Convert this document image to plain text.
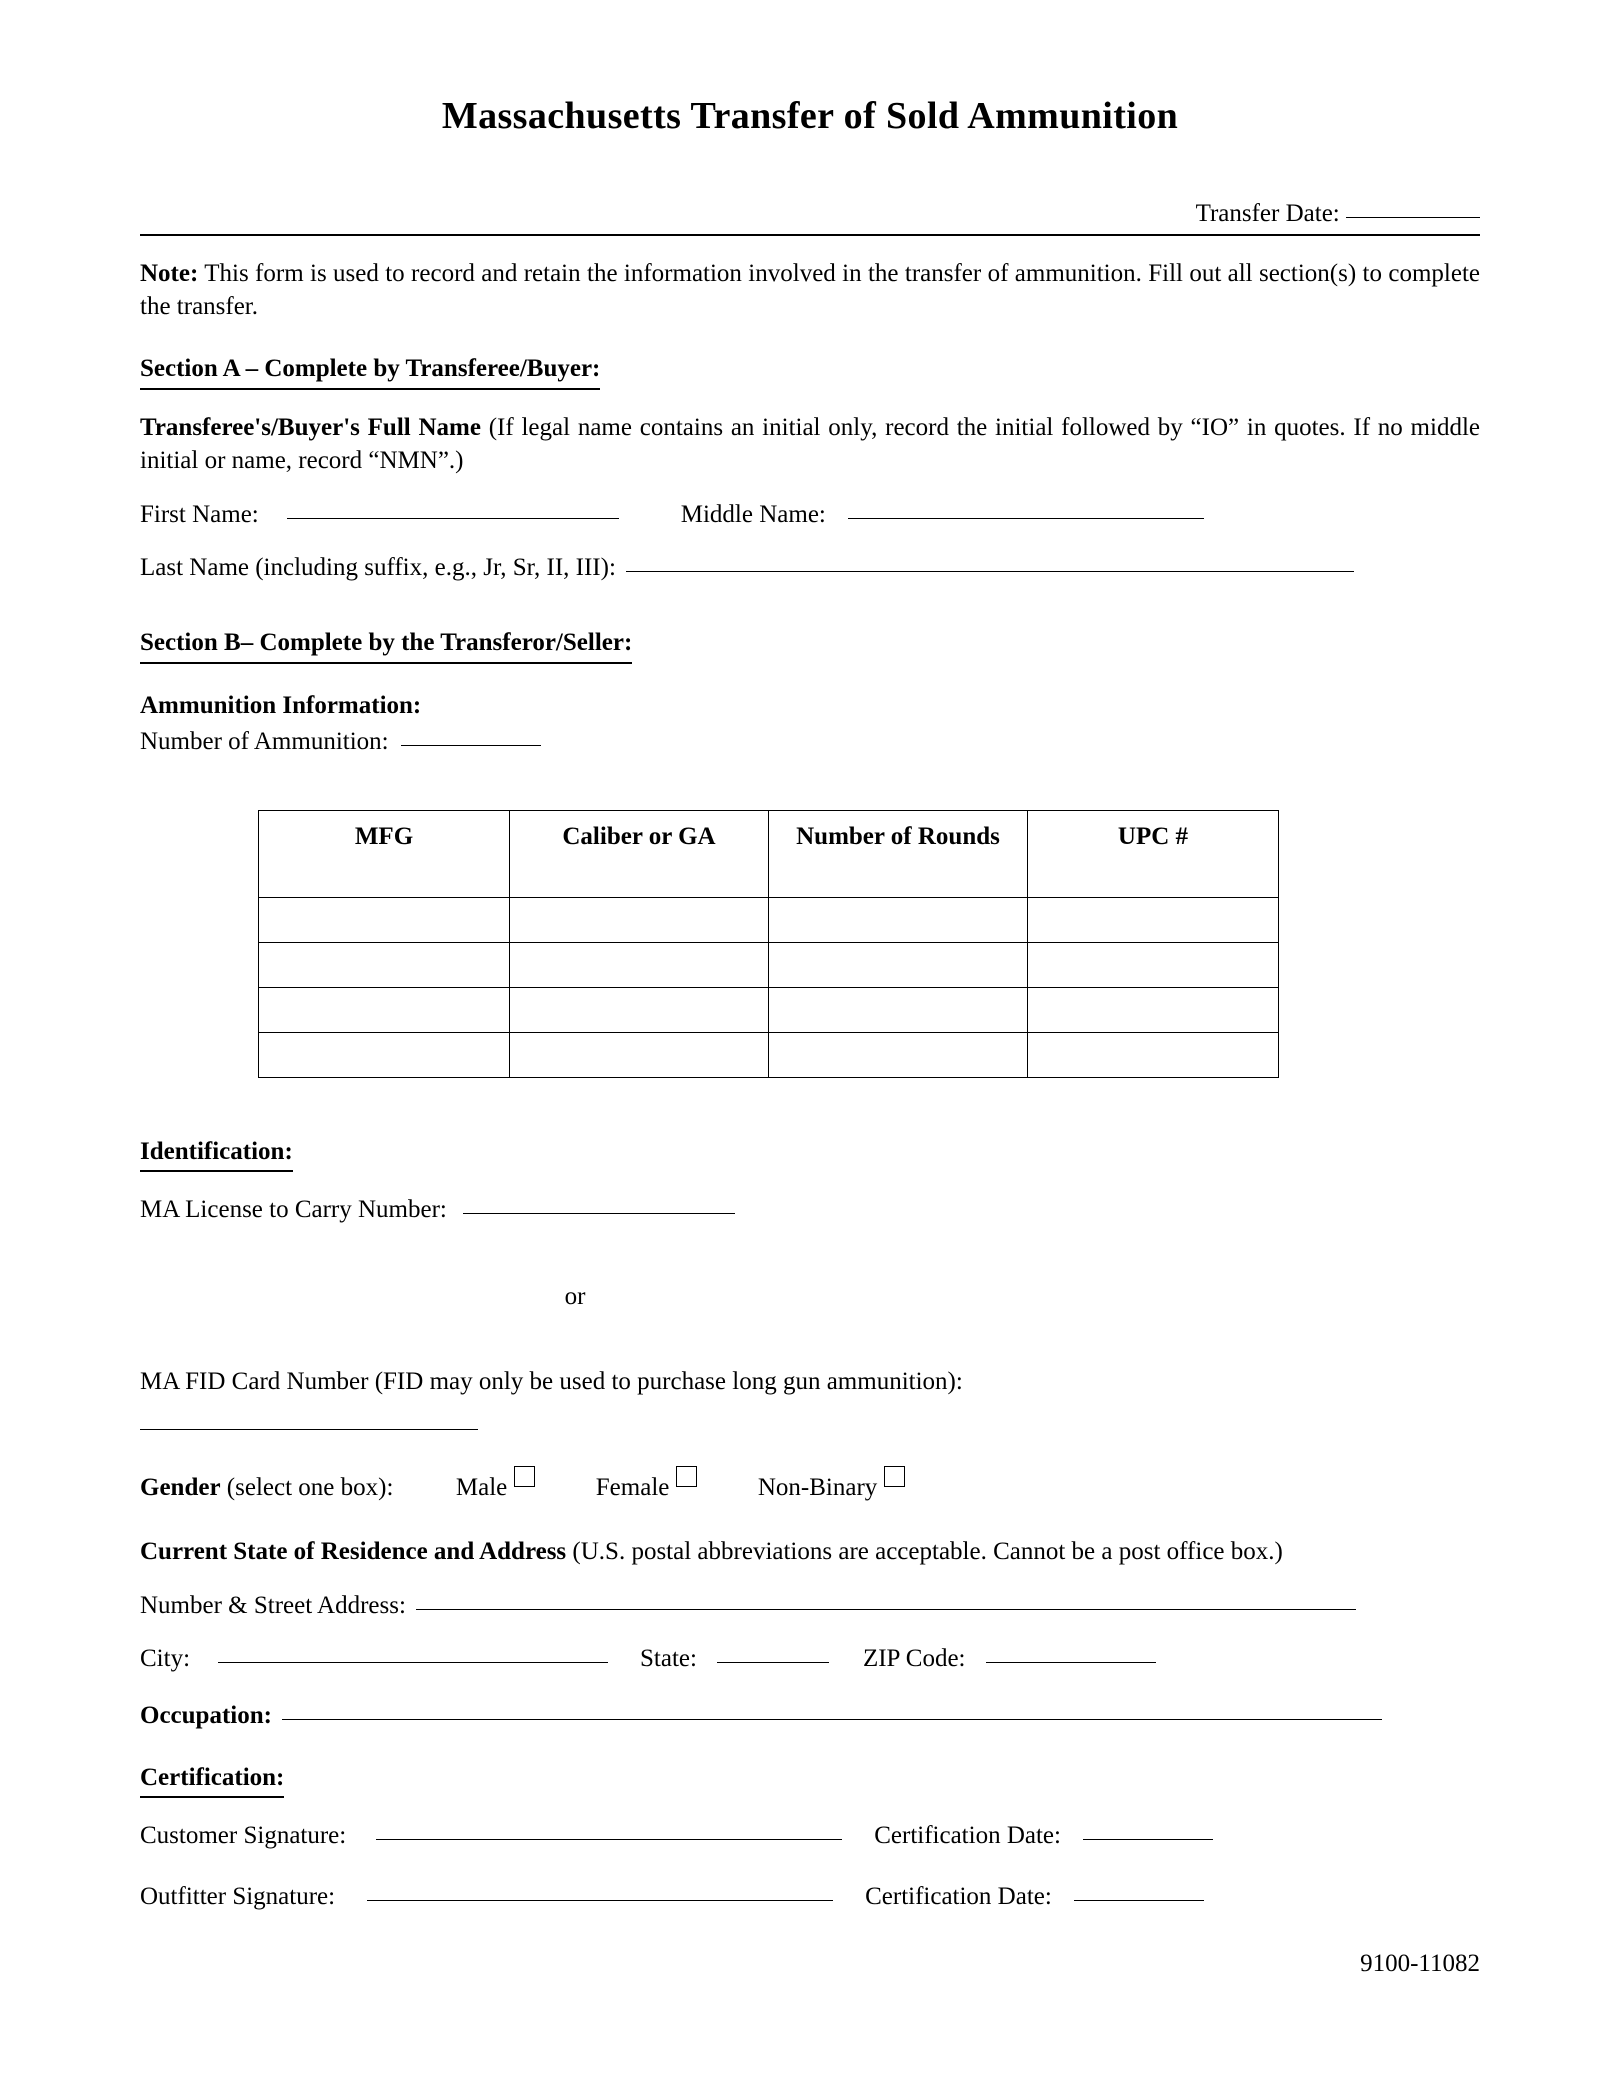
Massachusetts Transfer of Sold Ammunition
Transfer Date:
Note: This form is used to record and retain the information involved in the transfer of ammunition. Fill out all section(s) to complete the transfer.
Section A – Complete by Transferee/Buyer:
Transferee's/Buyer's Full Name (If legal name contains an initial only, record the initial followed by “IO” in quotes. If no middle initial or name, record “NMN”.)
First Name:	Middle Name:
Last Name (including suffix, e.g., Jr, Sr, II, III):
Section B– Complete by the Transferor/Seller:
Ammunition Information:
Number of Ammunition:
MFG	Caliber or GA	Number of Rounds	UPC #

Identification:
MA License to Carry Number:
or
MA FID Card Number (FID may only be used to purchase long gun ammunition):
Gender (select one box):	Male	Female	Non-Binary
Current State of Residence and Address (U.S. postal abbreviations are acceptable. Cannot be a post office box.)
Number & Street Address:
City:	State:	ZIP Code:
Occupation:
Certification:
Customer Signature:	Certification Date:
Outfitter Signature:	Certification Date:
9100-11082
